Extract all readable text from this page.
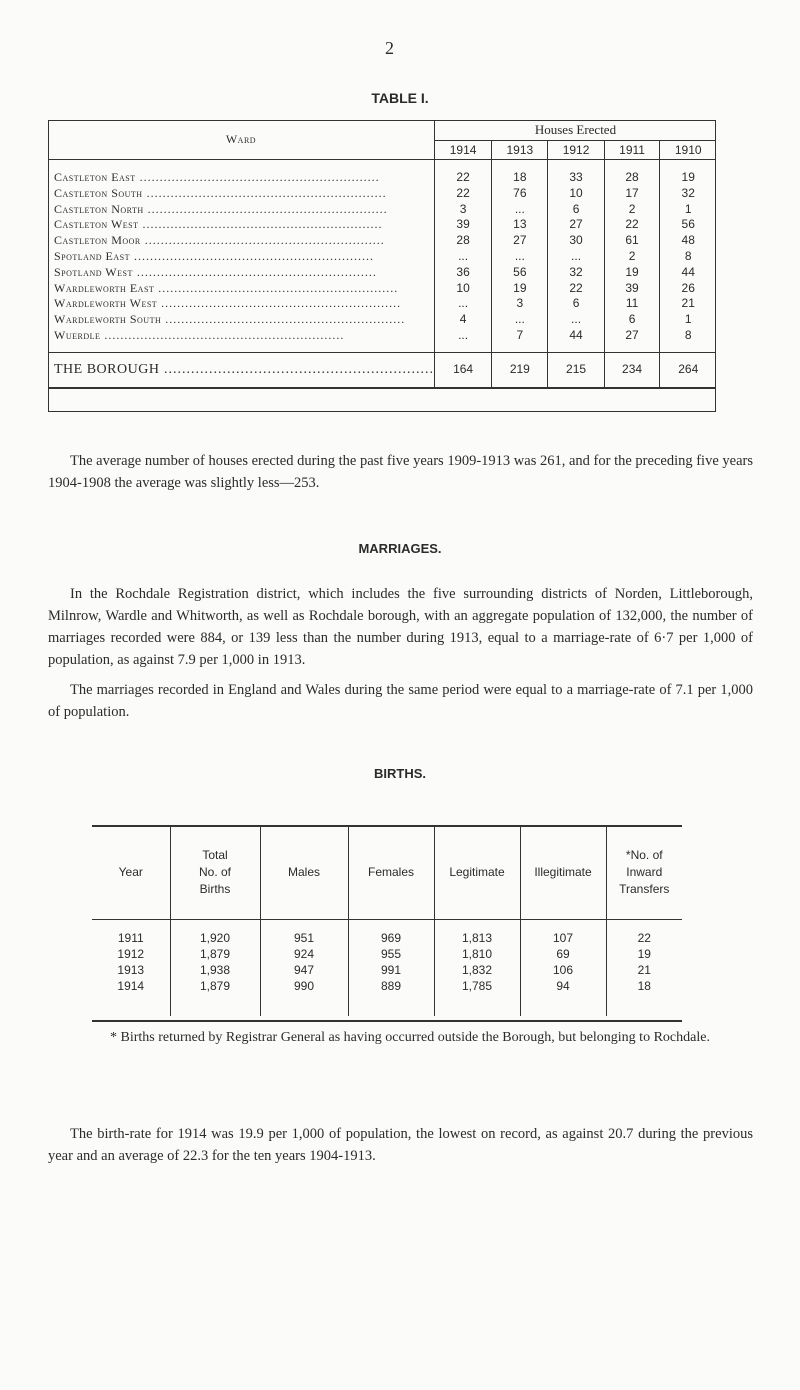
2
TABLE I.
Ward	Houses Erected				
	1914	1913	1912	1911	1910

Castleton East ............................................................	22	18	33	28	19
Castleton South ............................................................	22	76	10	17	32
Castleton North ............................................................	3	...	6	2	1
Castleton West ............................................................	39	13	27	22	56
Castleton Moor ............................................................	28	27	30	61	48
Spotland East ............................................................	...	...	...	2	8
Spotland West ............................................................	36	56	32	19	44
Wardleworth East ............................................................	10	19	22	39	26
Wardleworth West ............................................................	...	3	6	11	21
Wardleworth South ............................................................	4	...	...	6	1
Wuerdle ............................................................	...	7	44	27	8

THE BOROUGH ............................................................	164	219	215	234	264

The average number of houses erected during the past five years 1909-1913 was 261, and for the preceding five years 1904-1908 the average was slightly less—253.

MARRIAGES.

In the Rochdale Registration district, which includes the five surrounding districts of Norden, Littleborough, Milnrow, Wardle and Whitworth, as well as Rochdale borough, with an aggregate population of 132,000, the number of marriages recorded were 884, or 139 less than the number during 1913, equal to a marriage-rate of 6·7 per 1,000 of population, as against 7.9 per 1,000 in 1913.

The marriages recorded in England and Wales during the same period were equal to a marriage-rate of 7.1 per 1,000 of population.

BIRTHS.
Year	Total
No. of
Births	Males	Females	Legitimate	Illegitimate	*No. of
Inward
Transfers

1911	1,920	951	969	1,813	107	22
1912	1,879	924	955	1,810	69	19
1913	1,938	947	991	1,832	106	21
1914	1,879	990	889	1,785	94	18

* Births returned by Registrar General as having occurred outside the Borough, but belonging to Rochdale.

The birth-rate for 1914 was 19.9 per 1,000 of population, the lowest on record, as against 20.7 during the previous year and an average of 22.3 for the ten years 1904-1913.
